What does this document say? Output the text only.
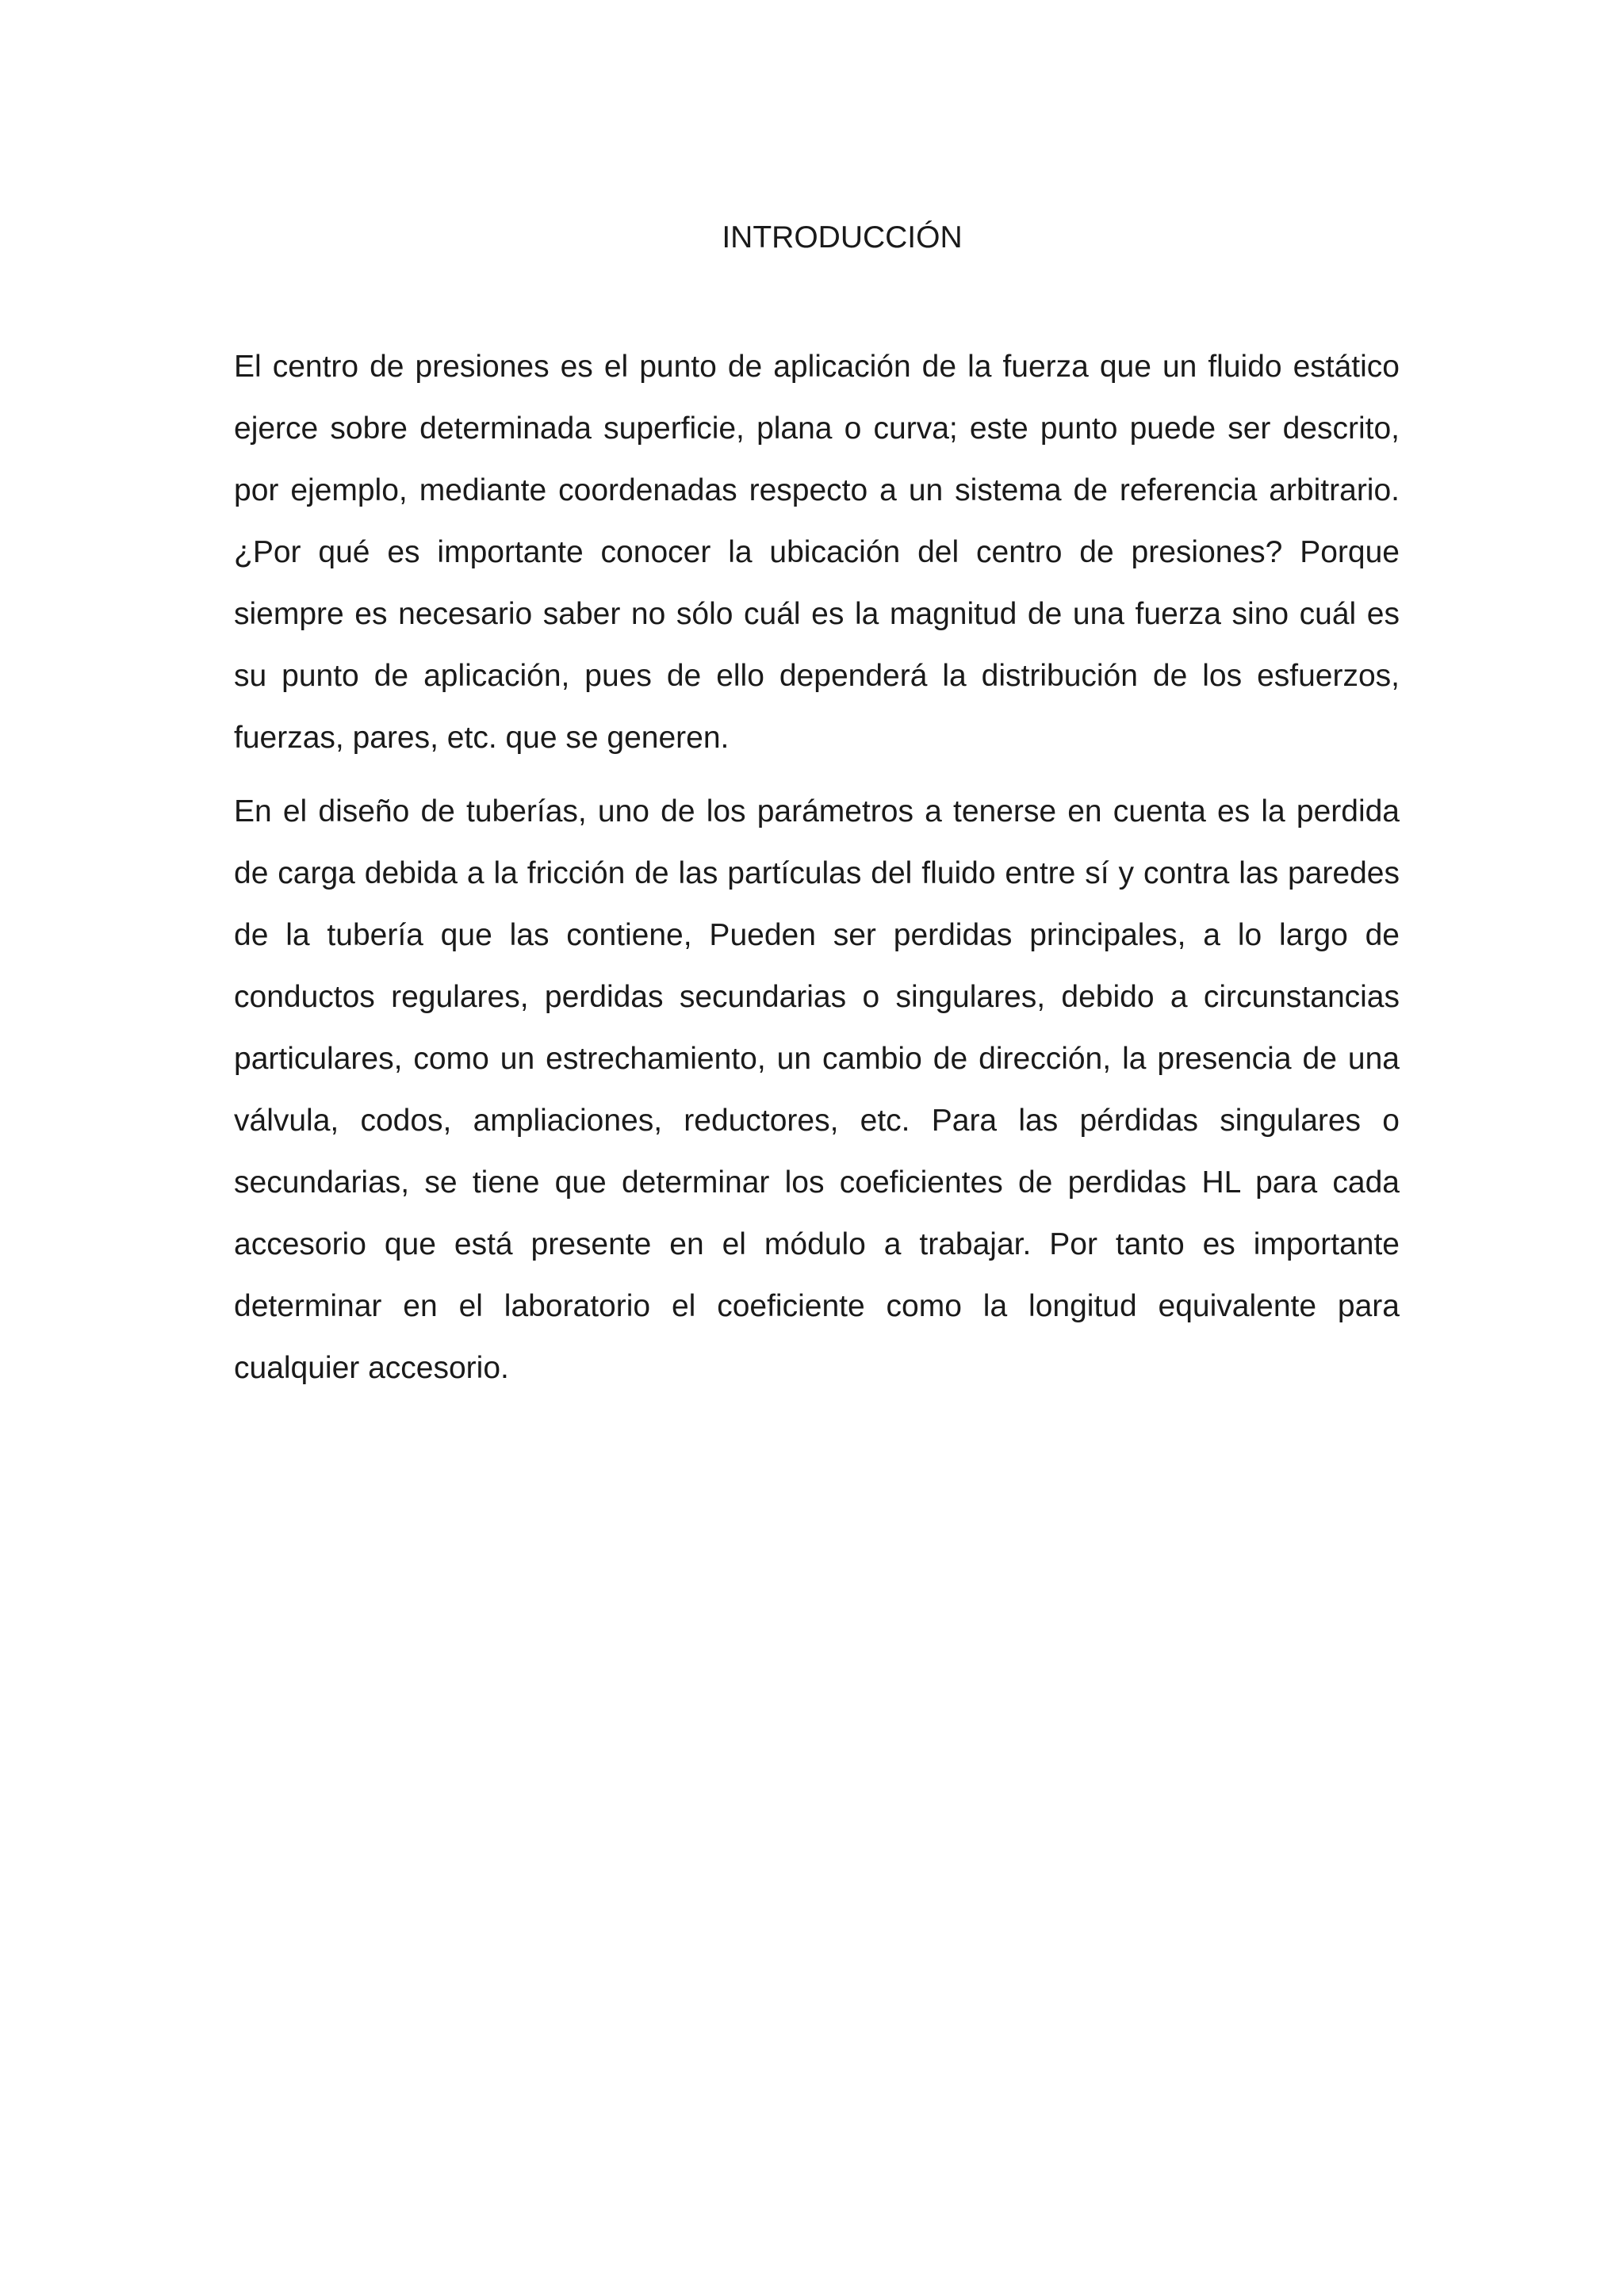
INTRODUCCIÓN

El centro de presiones es el punto de aplicación de la fuerza que un fluido estático ejerce sobre determinada superficie, plana o curva; este punto puede ser descrito, por ejemplo, mediante coordenadas respecto a un sistema de referencia arbitrario. ¿Por qué es importante conocer la ubicación del centro de presiones? Porque siempre es necesario saber no sólo cuál es la magnitud de una fuerza sino cuál es su punto de aplicación, pues de ello dependerá la distribución de los esfuerzos, fuerzas, pares, etc. que se generen.

En el diseño de tuberías, uno de los parámetros a tenerse en cuenta es la perdida de carga debida a la fricción de las partículas del fluido entre sí y contra las paredes de la tubería que las contiene, Pueden ser perdidas principales, a lo largo de conductos regulares, perdidas secundarias o singulares, debido a circunstancias particulares, como un estrechamiento, un cambio de dirección, la presencia de una válvula, codos, ampliaciones, reductores, etc. Para las pérdidas singulares o secundarias, se tiene que determinar los coeficientes de perdidas HL para cada accesorio que está presente en el módulo a trabajar. Por tanto es importante determinar en el laboratorio el coeficiente como la longitud equivalente para cualquier accesorio.
